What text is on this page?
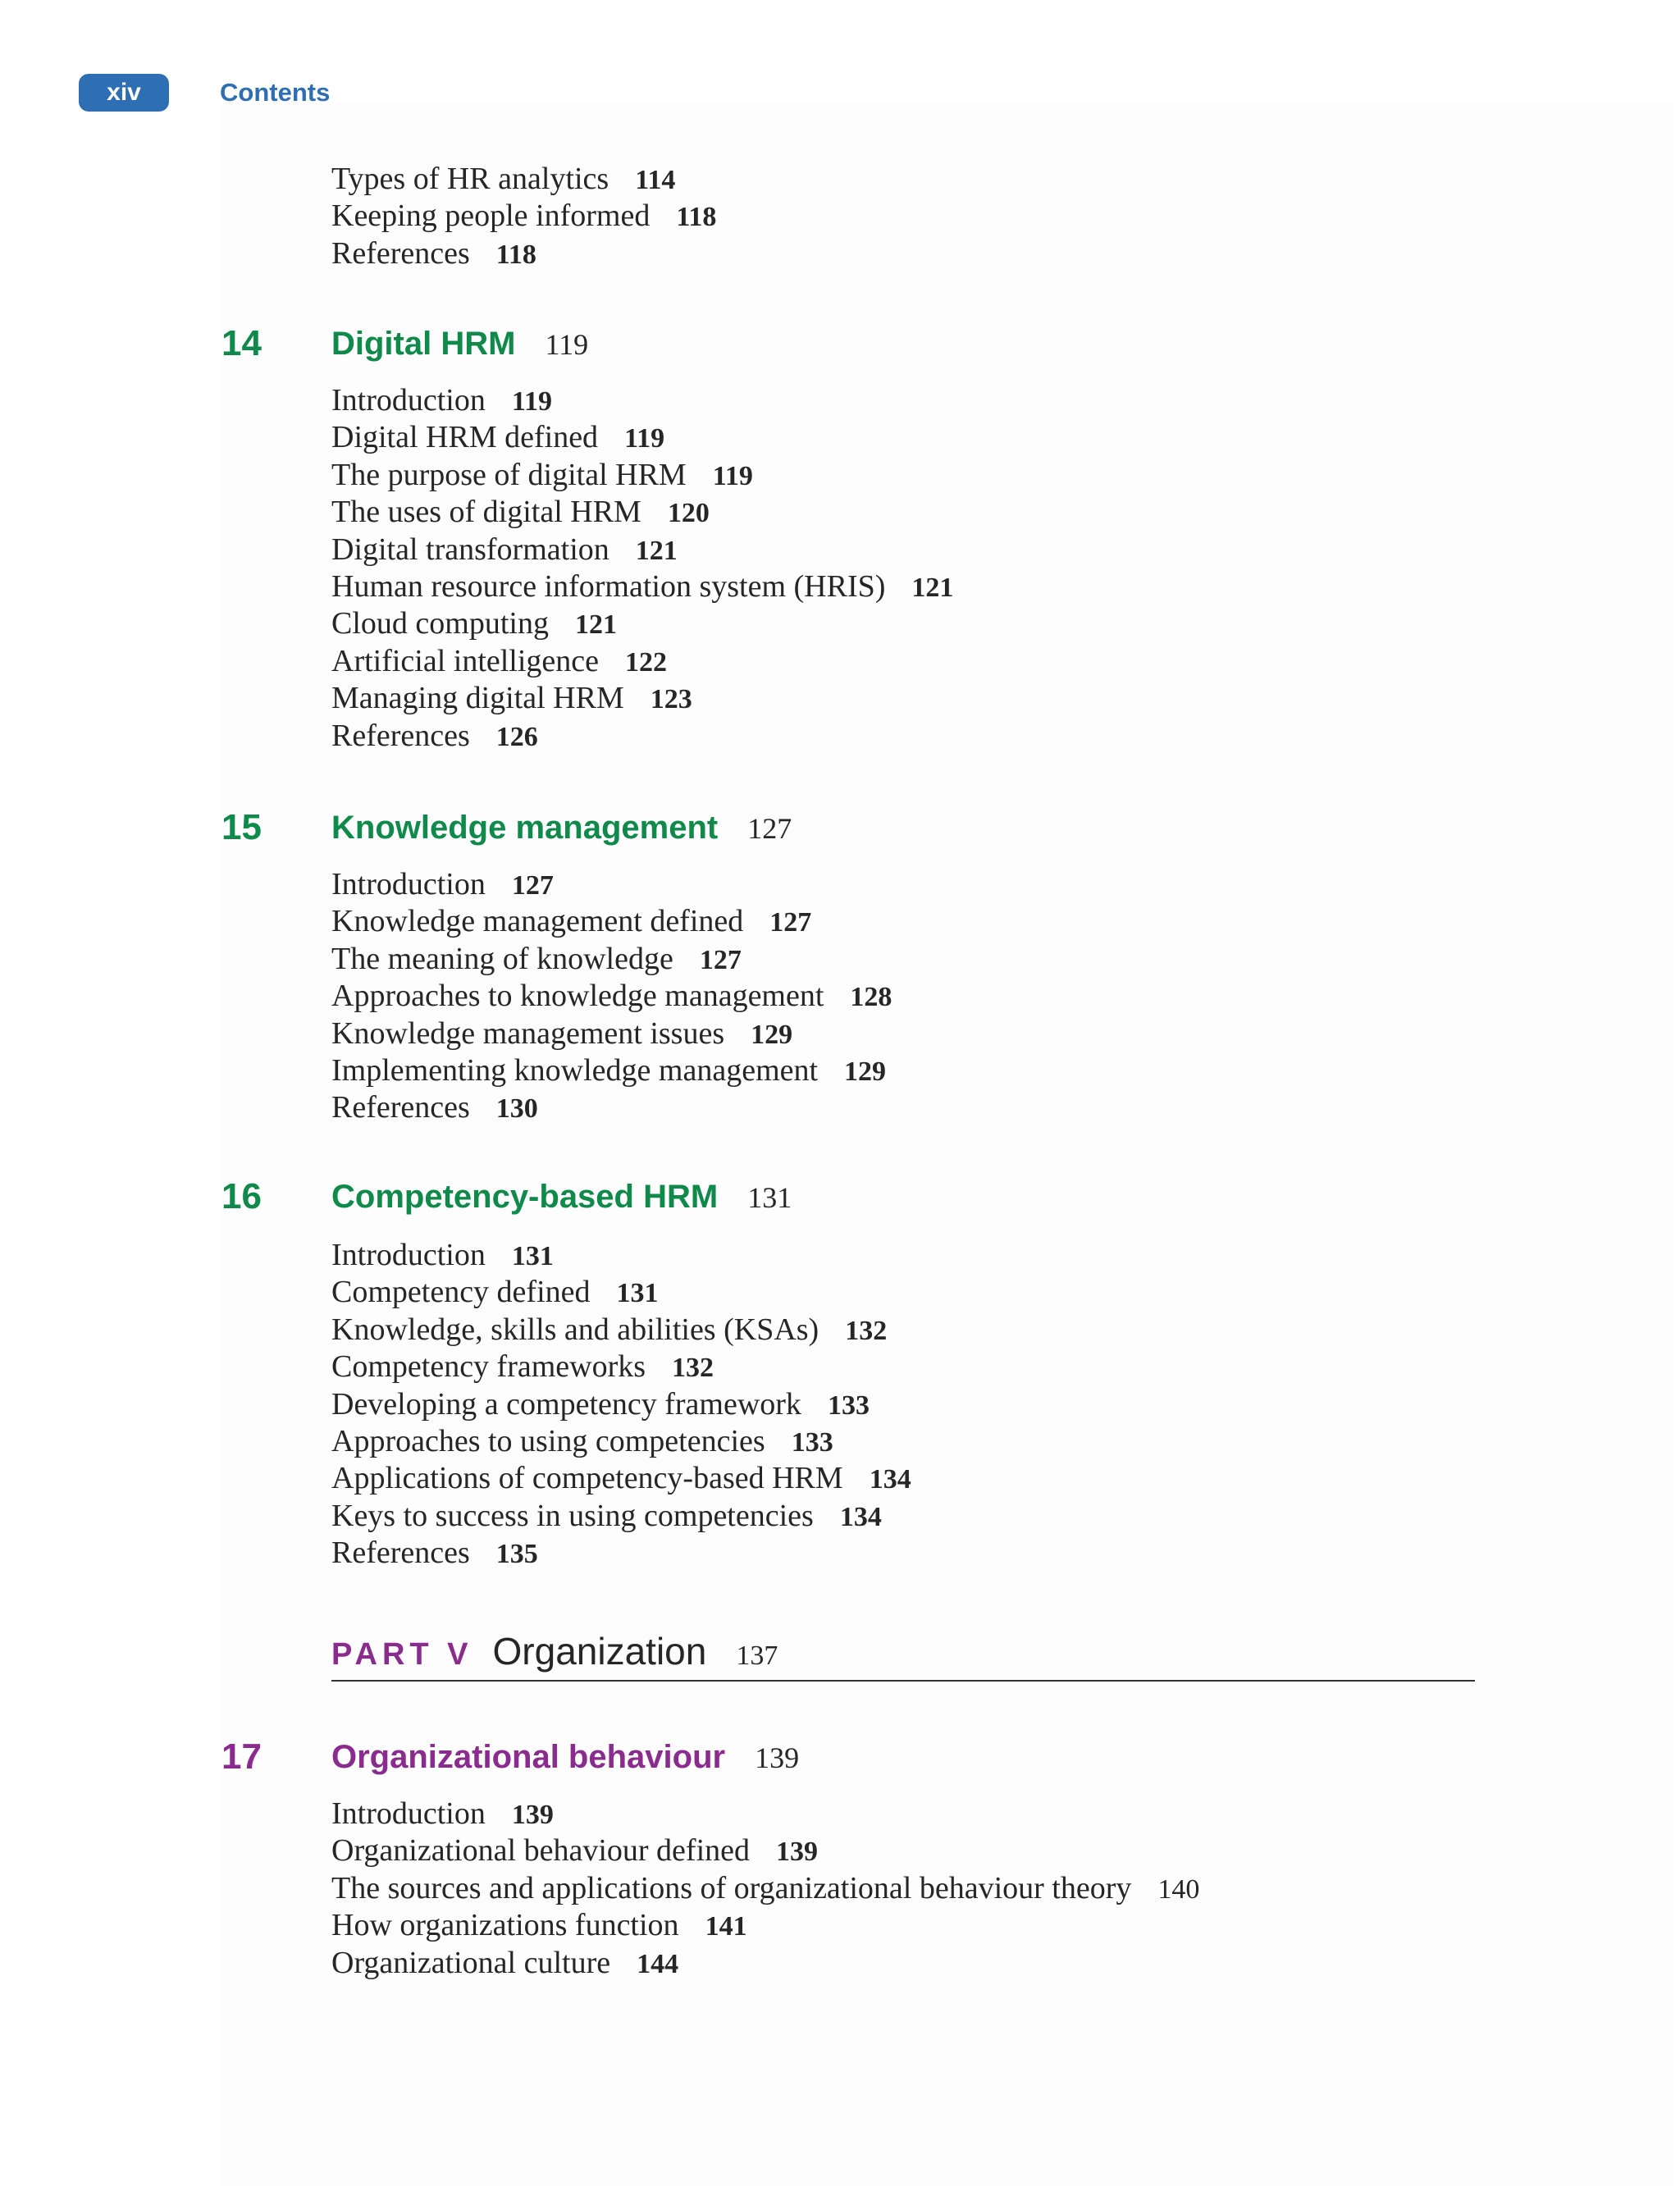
xiv	Contents
Types of HR analytics 114
Keeping people informed 118
References 118
14 Digital HRM 119
Introduction 119
Digital HRM defined 119
The purpose of digital HRM 119
The uses of digital HRM 120
Digital transformation 121
Human resource information system (HRIS) 121
Cloud computing 121
Artificial intelligence 122
Managing digital HRM 123
References 126
15 Knowledge management 127
Introduction 127
Knowledge management defined 127
The meaning of knowledge 127
Approaches to knowledge management 128
Knowledge management issues 129
Implementing knowledge management 129
References 130
16 Competency-based HRM 131
Introduction 131
Competency defined 131
Knowledge, skills and abilities (KSAs) 132
Competency frameworks 132
Developing a competency framework 133
Approaches to using competencies 133
Applications of competency-based HRM 134
Keys to success in using competencies 134
References 135
PART V Organization 137
17 Organizational behaviour 139
Introduction 139
Organizational behaviour defined 139
The sources and applications of organizational behaviour theory 140
How organizations function 141
Organizational culture 144
